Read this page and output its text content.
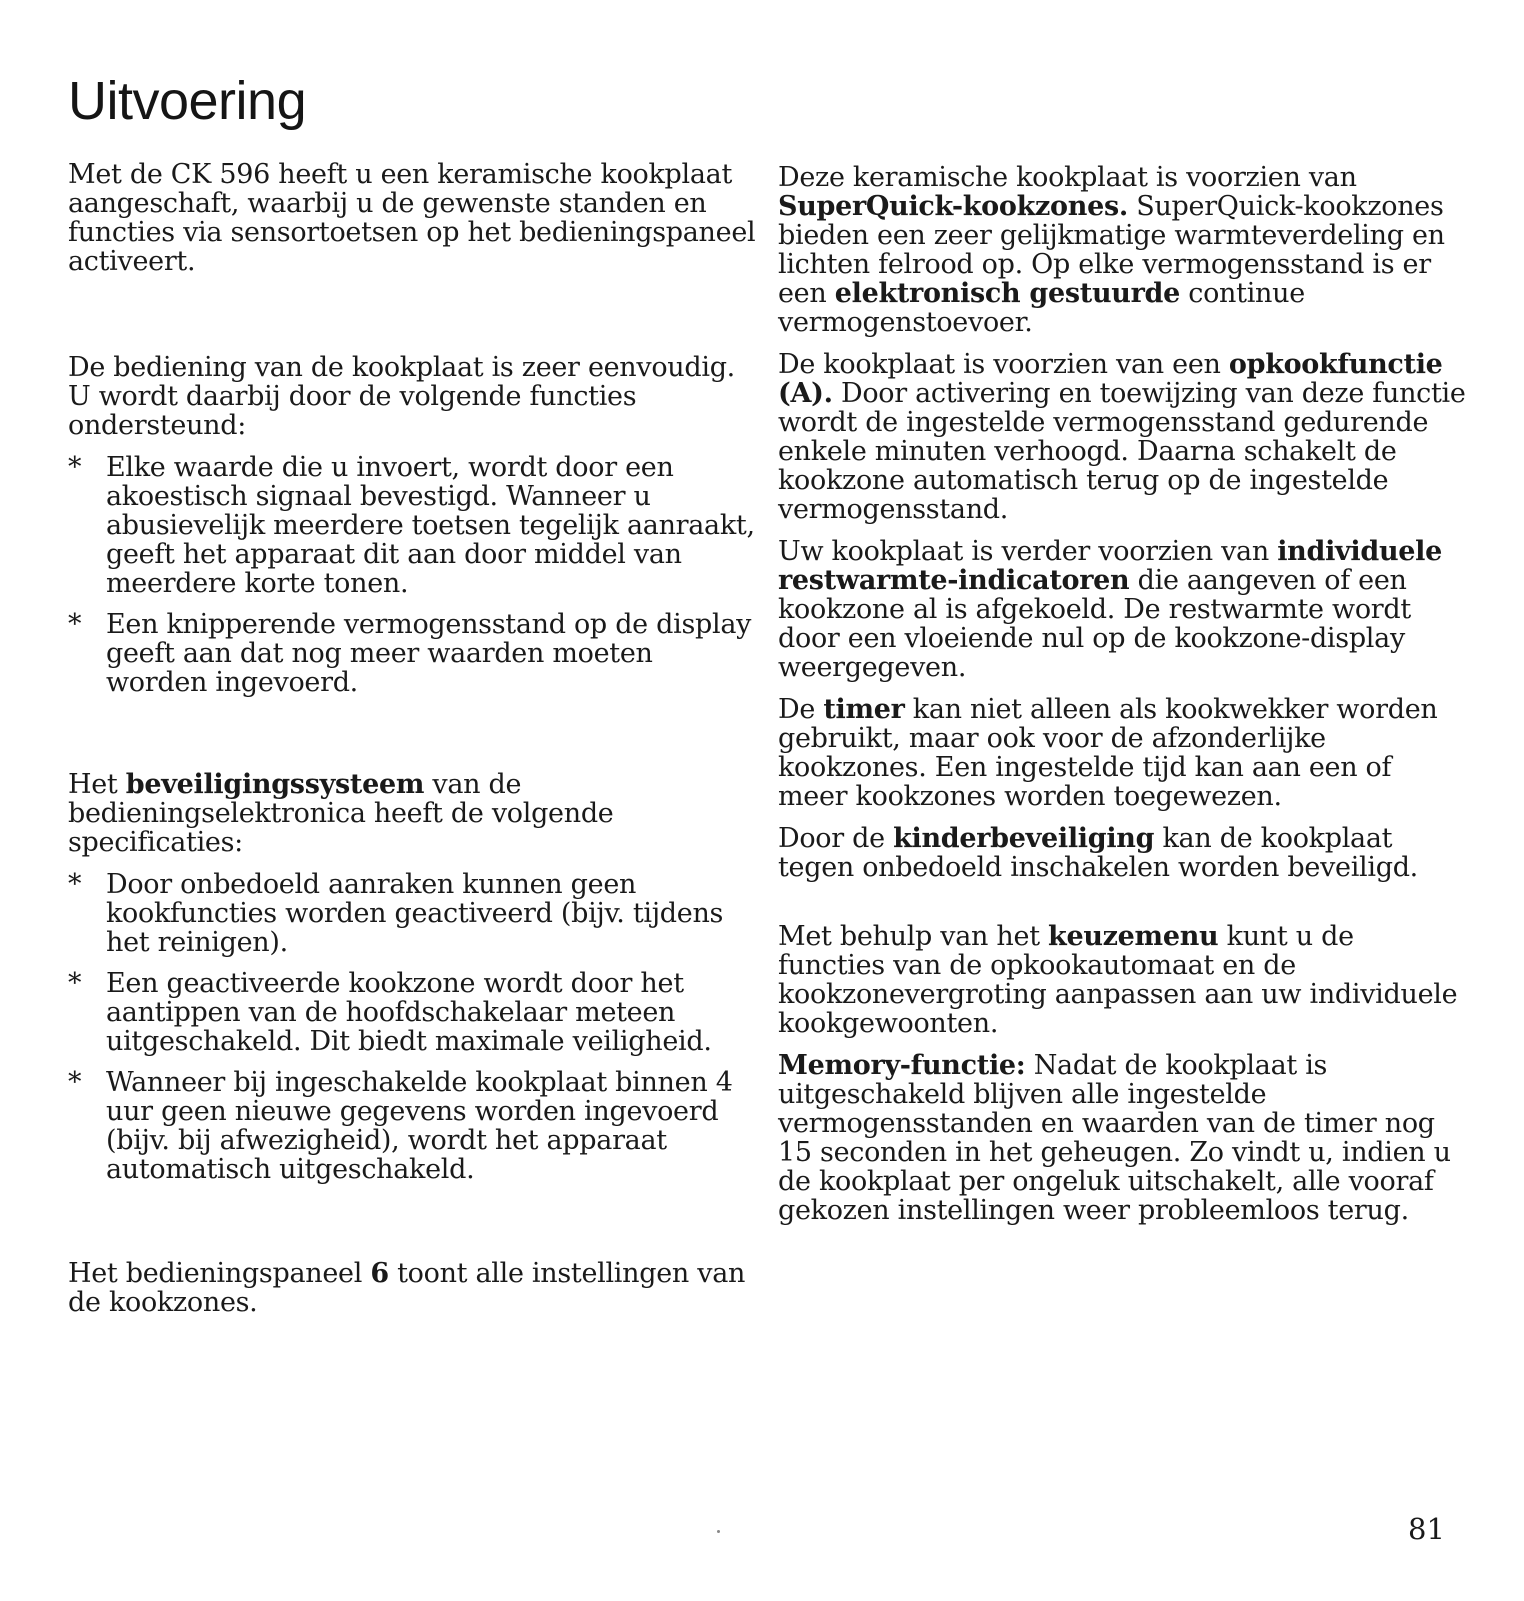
Uitvoering

Met de CK 596 heeft u een keramische kookplaat aangeschaft, waarbij u de gewenste standen en functies via sensortoetsen op het bedieningspaneel activeert.

De bediening van de kookplaat is zeer eenvoudig. U wordt daarbij door de volgende functies ondersteund:

* Elke waarde die u invoert, wordt door een akoestisch signaal bevestigd. Wanneer u abusievelijk meerdere toetsen tegelijk aanraakt, geeft het apparaat dit aan door middel van meerdere korte tonen.
* Een knipperende vermogensstand op de display geeft aan dat nog meer waarden moeten worden ingevoerd.

Het beveiligingssysteem van de bedieningselektronica heeft de volgende specificaties:

* Door onbedoeld aanraken kunnen geen kookfuncties worden geactiveerd (bijv. tijdens het reinigen).
* Een geactiveerde kookzone wordt door het aantippen van de hoofdschakelaar meteen uitgeschakeld. Dit biedt maximale veiligheid.
* Wanneer bij ingeschakelde kookplaat binnen 4 uur geen nieuwe gegevens worden ingevoerd (bijv. bij afwezigheid), wordt het apparaat automatisch uitgeschakeld.

Het bedieningspaneel 6 toont alle instellingen van de kookzones.

Deze keramische kookplaat is voorzien van SuperQuick-kookzones. SuperQuick-kookzones bieden een zeer gelijkmatige warmteverdeling en lichten felrood op. Op elke vermogensstand is er een elektronisch gestuurde continue vermogenstoevoer.

De kookplaat is voorzien van een opkookfunctie (A). Door activering en toewijzing van deze functie wordt de ingestelde vermogensstand gedurende enkele minuten verhoogd. Daarna schakelt de kookzone automatisch terug op de ingestelde vermogensstand.

Uw kookplaat is verder voorzien van individuele restwarmte-indicatoren die aangeven of een kookzone al is afgekoeld. De restwarmte wordt door een vloeiende nul op de kookzone-display weergegeven.

De timer kan niet alleen als kookwekker worden gebruikt, maar ook voor de afzonderlijke kookzones. Een ingestelde tijd kan aan een of meer kookzones worden toegewezen.

Door de kinderbeveiliging kan de kookplaat tegen onbedoeld inschakelen worden beveiligd.

Met behulp van het keuzemenu kunt u de functies van de opkookautomaat en de kookzonevergroting aanpassen aan uw individuele kookgewoonten.

Memory-functie: Nadat de kookplaat is uitgeschakeld blijven alle ingestelde vermogensstanden en waarden van de timer nog 15 seconden in het geheugen. Zo vindt u, indien u de kookplaat per ongeluk uitschakelt, alle vooraf gekozen instellingen weer probleemloos terug.

81
